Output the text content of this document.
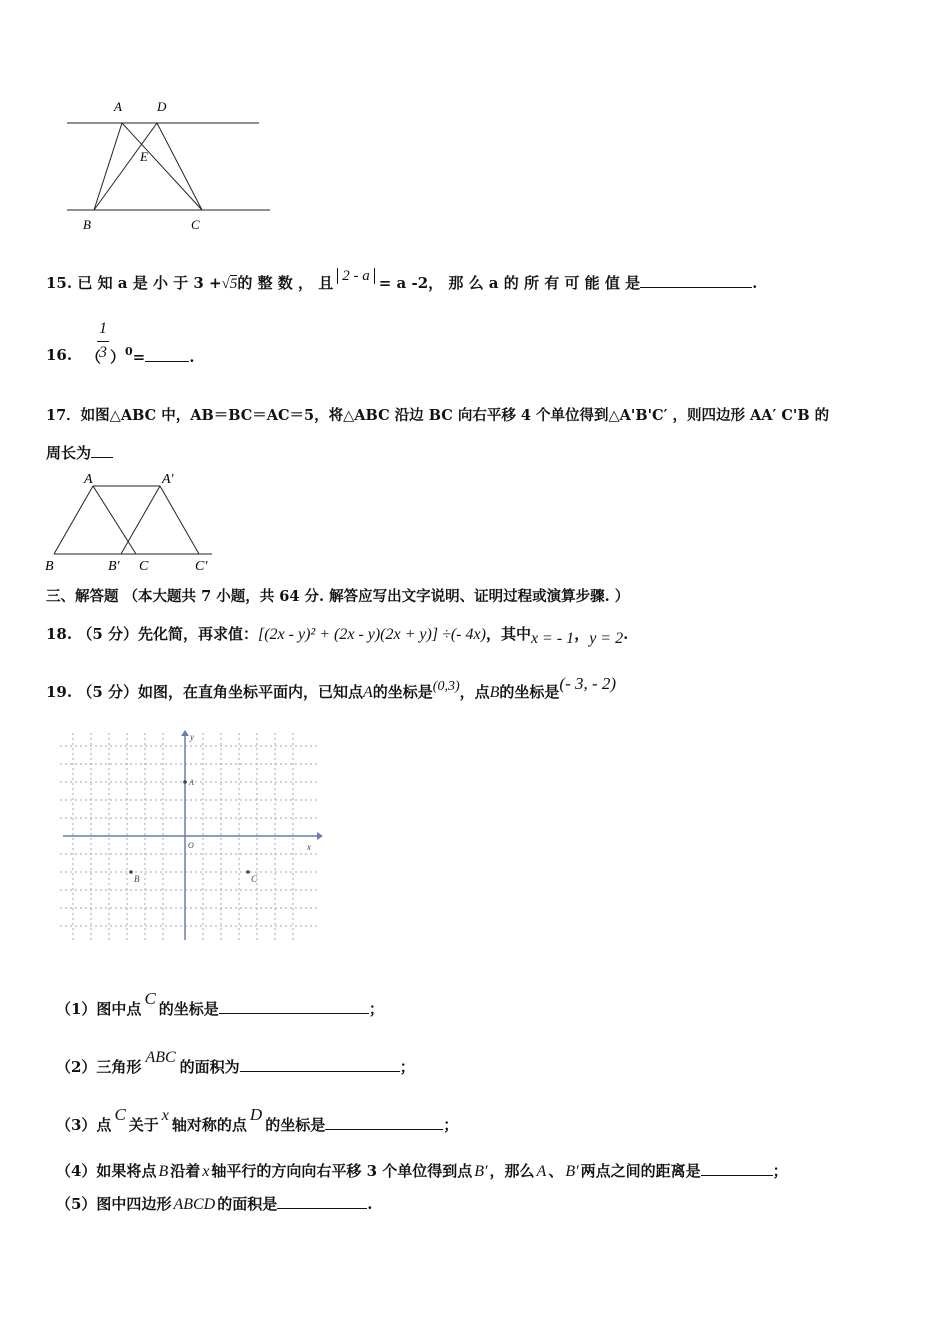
A	D
E
B	C
15. 已 知 a 是 小 于 3 +√5的 整 数 ， 且 2 - a = a -2， 那 么 a 的 所 有 可 能 值 是	.
16. （
1
3 ）$^0$=	.
17．如图△ABC 中，AB＝BC＝AC＝5，将△ABC 沿边 BC 向右平移 4 个单位得到△A'B'C′ ，则四边形 AA′ C'B 的
周长为
A	A'
B	B' C	C'
三、解答题 （本大题共 7 小题，共 64 分. 解答应写出文字说明、证明过程或演算步骤. ）
18. （5 分）先化简，再求值：[(2x - y)² + (2x - y)(2x + y)] ÷(- 4x)，其中x = - 1，y = 2.
19. （5 分）如图，在直角坐标平面内，已知点A的坐标是(0,3)，点B的坐标是(- 3, - 2)
y
A
O	x
B	C
（1）图中点C的坐标是	；
（2）三角形ABC的面积为	；
（3）点C关于x轴对称的点D的坐标是	；
（4）如果将点 B 沿着 x 轴平行的方向向右平移 3 个单位得到点 B′ ，那么 A 、 B′ 两点之间的距离是	；
（5）图中四边形 ABCD 的面积是	.
